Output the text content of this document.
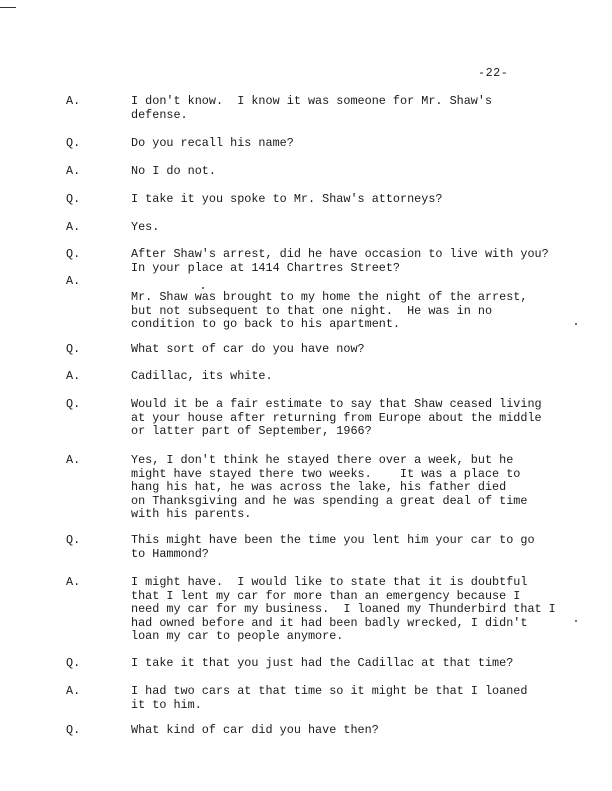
-22-
A.	I don't know.  I know it was someone for Mr. Shaw's
defense.
Q.	Do you recall his name?
A.	No I do not.
Q.	I take it you spoke to Mr. Shaw's attorneys?
A.	Yes.
Q.	After Shaw's arrest, did he have occasion to live with you?
In your place at 1414 Chartres Street?
A.
Mr. Shaw was brought to my home the night of the arrest,
but not subsequent to that one night.  He was in no
condition to go back to his apartment.
Q.	What sort of car do you have now?
A.	Cadillac, its white.
Q.	Would it be a fair estimate to say that Shaw ceased living
at your house after returning from Europe about the middle
or latter part of September, 1966?
A.	Yes, I don't think he stayed there over a week, but he
might have stayed there two weeks.    It was a place to
hang his hat, he was across the lake, his father died
on Thanksgiving and he was spending a great deal of time
with his parents.
Q.	This might have been the time you lent him your car to go
to Hammond?
A.	I might have.  I would like to state that it is doubtful
that I lent my car for more than an emergency because I
need my car for my business.  I loaned my Thunderbird that I
had owned before and it had been badly wrecked, I didn't
loan my car to people anymore.
Q.	I take it that you just had the Cadillac at that time?
A.	I had two cars at that time so it might be that I loaned
it to him.
Q.	What kind of car did you have then?
